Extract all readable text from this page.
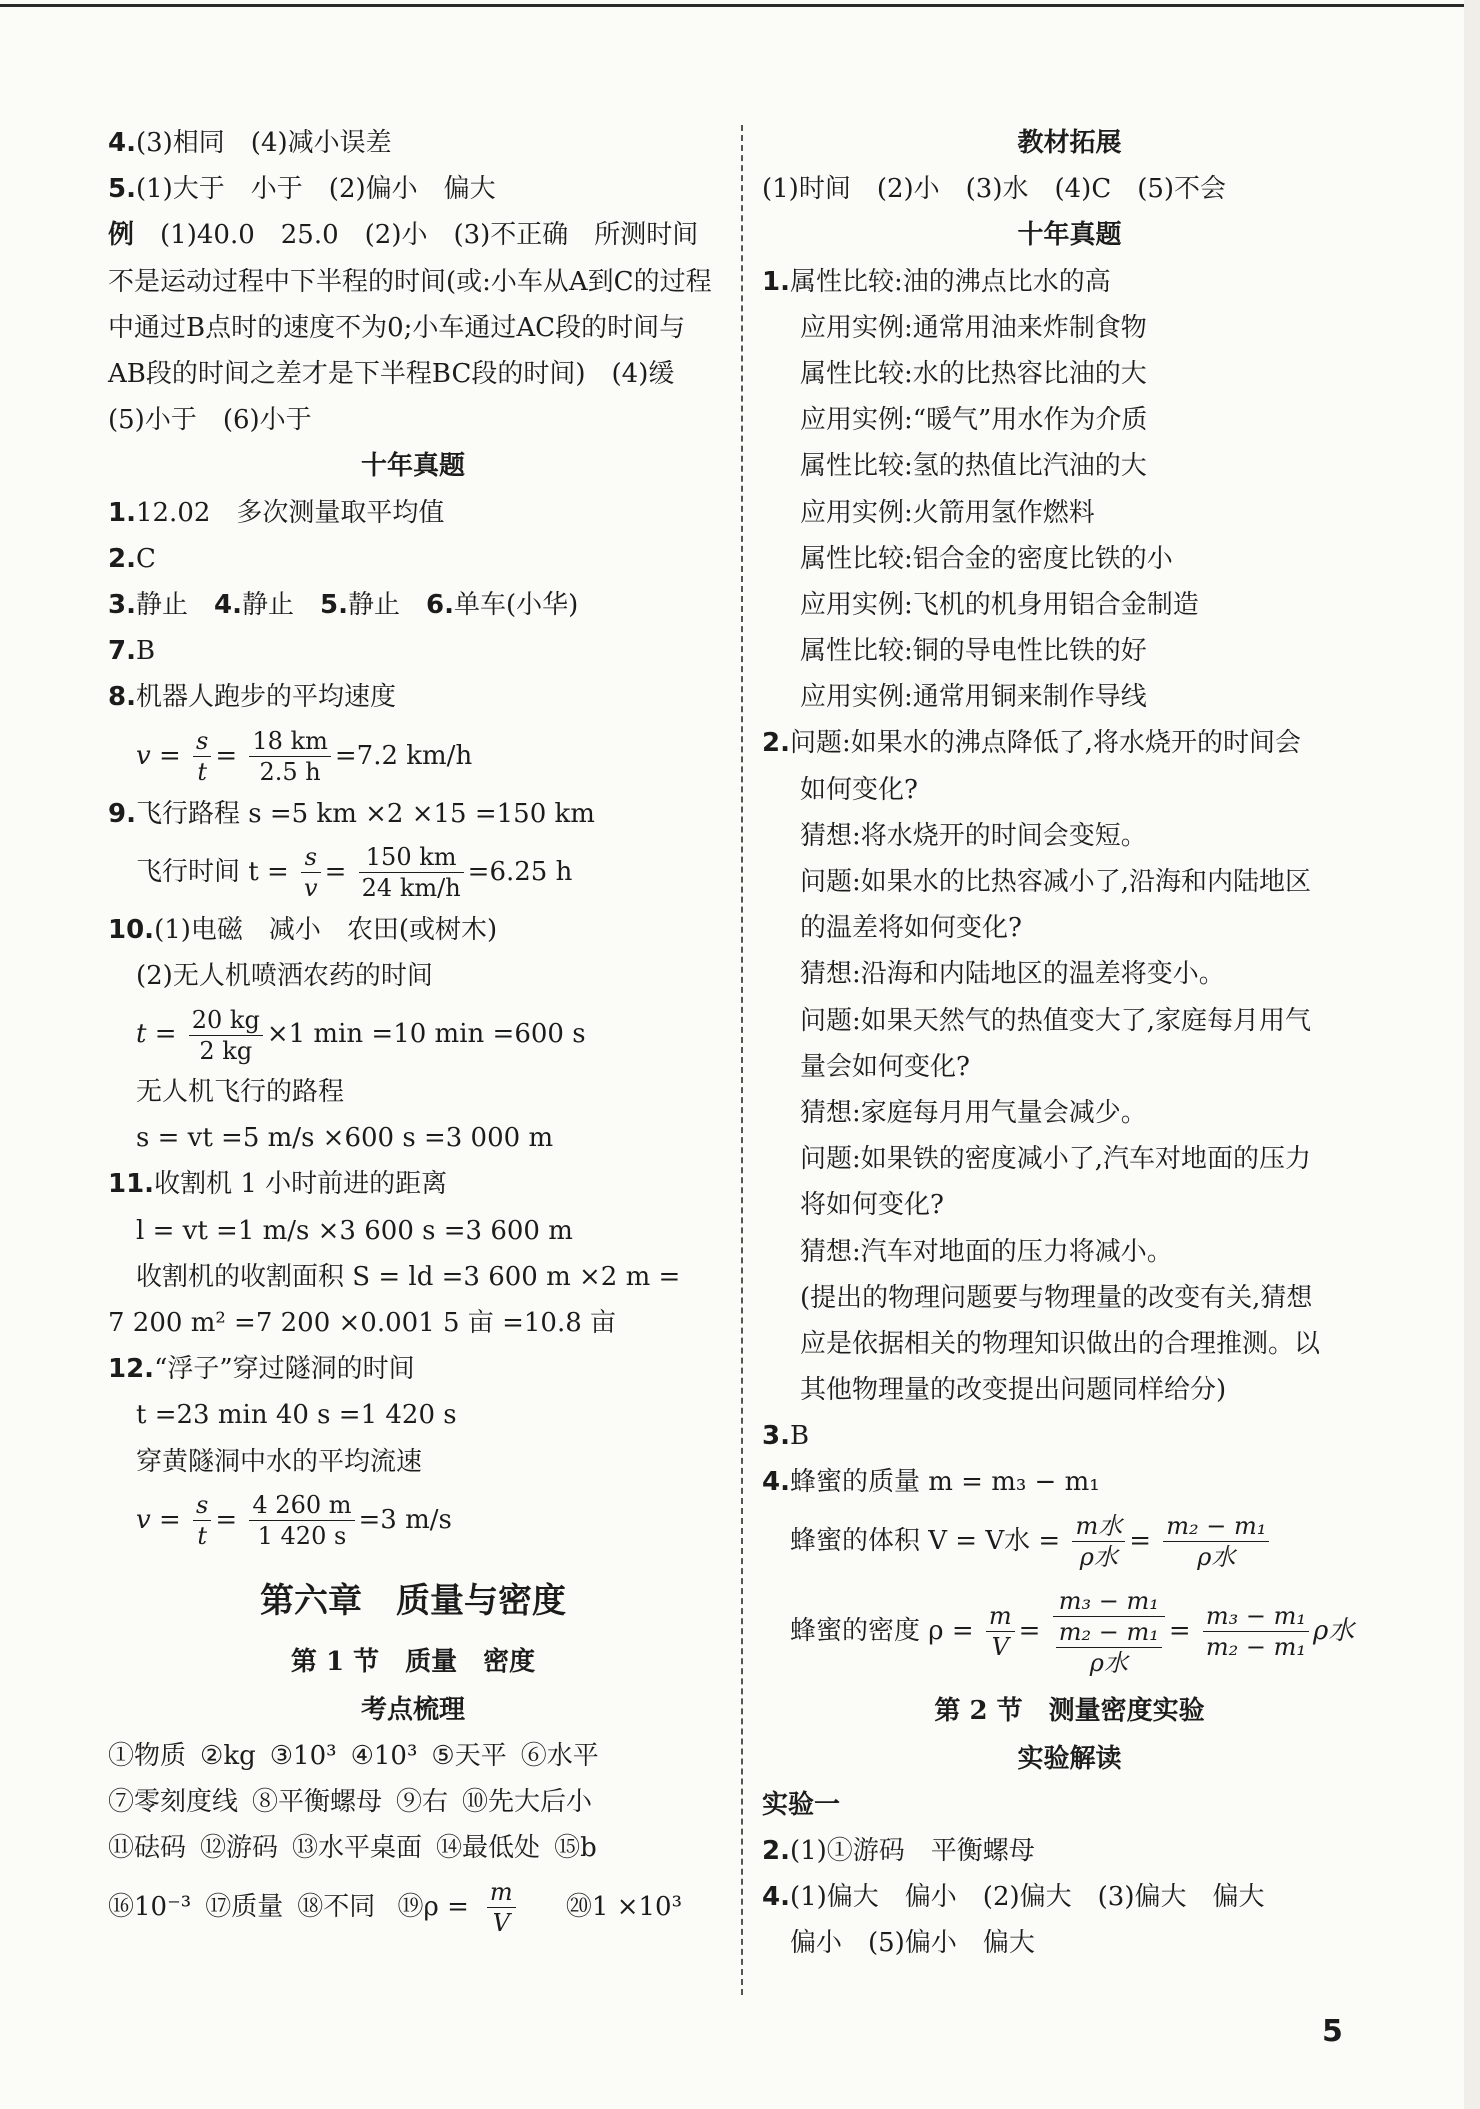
4.(3)相同　(4)减小误差
5.(1)大于　小于　(2)偏小　偏大
例　 (1)40.0　25.0　(2)小　(3)不正确　所测时间不是运动过程中下半程的时间(或:小车从A到C的过程中通过B点时的速度不为0;小车通过AC段的时间与AB段的时间之差才是下半程BC段的时间)　(4)缓　(5)小于　(6)小于
十年真题
1.12.02　多次测量取平均值
2.C
3.静止　 4.静止　 5.静止　 6.单车(小华)
7.B
8.机器人跑步的平均速度
$v = \frac{s}{t} = \frac{18 km}{2.5 h} =7.2$ km/h
9.飞行路程 s =5 km ×2 ×15 =150 km
飞行时间 $t = \frac{s}{v} = \frac{150 km}{24 km/h} =6.25$ h
10.(1)电磁　减小　农田(或树木)
(2)无人机喷洒农药的时间
$t = \frac{20 kg}{2 kg} \times 1$ min =10 min =600 s
无人机飞行的路程
s = vt =5 m/s ×600 s =3 000 m
11.收割机 1 小时前进的距离
l = vt =1 m/s ×3 600 s =3 600 m
收割机的收割面积 S = ld =3 600 m ×2 m =
7 200 m² =7 200 ×0.001 5 亩 =10.8 亩
12.“浮子”穿过隧洞的时间
t =23 min 40 s =1 420 s
穿黄隧洞中水的平均流速
$v = \frac{s}{t} = \frac{4 260 m}{1 420 s} =3$ m/s
第六章　质量与密度
第 1 节　质量　密度
考点梳理
①物质 ②kg ③10³ ④10³ ⑤天平 ⑥水平
⑦零刻度线 ⑧平衡螺母 ⑨右 ⑩先大后小
⑪砝码 ⑫游码 ⑬水平桌面 ⑭最低处 ⑮b
⑯10⁻³ ⑰质量 ⑱不同 ⑲ρ = $\frac{m}{V}$ ⑳1 ×10³
教材拓展
(1)时间　(2)小　(3)水　(4)C　(5)不会
十年真题
1.属性比较:油的沸点比水的高
应用实例:通常用油来炸制食物
属性比较:水的比热容比油的大
应用实例:“暖气”用水作为介质
属性比较:氢的热值比汽油的大
应用实例:火箭用氢作燃料
属性比较:铝合金的密度比铁的小
应用实例:飞机的机身用铝合金制造
属性比较:铜的导电性比铁的好
应用实例:通常用铜来制作导线
2.问题:如果水的沸点降低了,将水烧开的时间会
如何变化?
猜想:将水烧开的时间会变短。
问题:如果水的比热容减小了,沿海和内陆地区
的温差将如何变化?
猜想:沿海和内陆地区的温差将变小。
问题:如果天然气的热值变大了,家庭每月用气
量会如何变化?
猜想:家庭每月用气量会减少。
问题:如果铁的密度减小了,汽车对地面的压力
将如何变化?
猜想:汽车对地面的压力将减小。
(提出的物理问题要与物理量的改变有关,猜想
应是依据相关的物理知识做出的合理推测。以
其他物理量的改变提出问题同样给分)
3.B
4.蜂蜜的质量 m = m₃ − m₁
蜂蜜的体积 V = V水 = $\frac{\text{m水}}{\text{ρ水}} = \frac{\text{m₂ − m₁}}{\text{ρ水}}$
蜂蜜的密度 $\rho = \frac{m}{V} = \frac{\text{m₃ − m₁}}{\frac{\text{m₂ − m₁}}{\text{ρ水}}} = \frac{\text{m₃ − m₁}}{\text{m₂ − m₁}}$ ρ水
第 2 节　测量密度实验
实验解读
实验一
2.(1)①游码　平衡螺母
4.(1)偏大　偏小　(2)偏大　(3)偏大　偏大
偏小　(5)偏小　偏大
5
